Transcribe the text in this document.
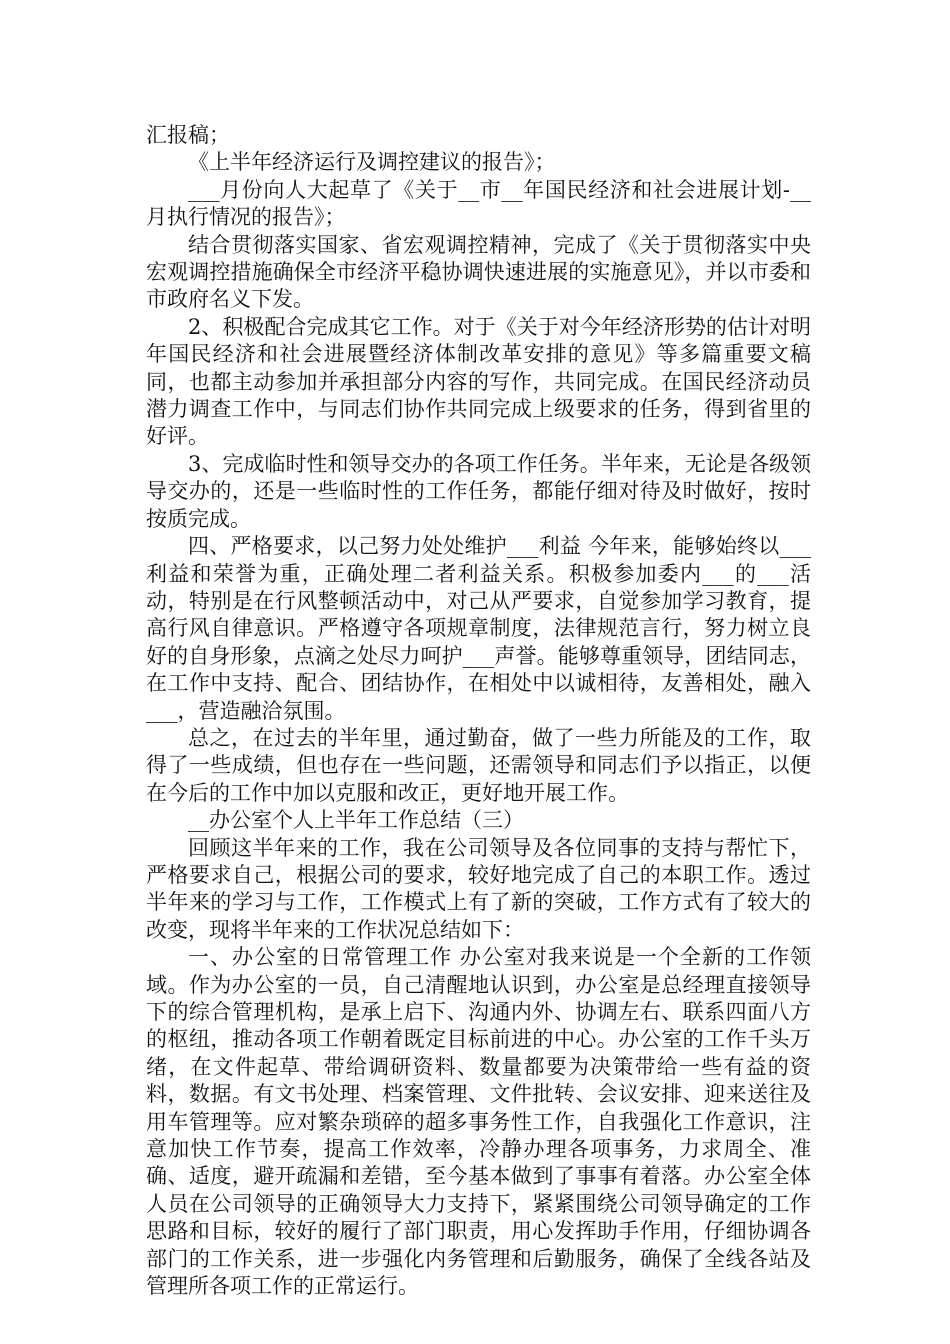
汇报稿；

《上半年经济运行及调控建议的报告》；

___月份向人大起草了《关于__市__年国民经济和社会进展计划-__月执行情况的报告》；

结合贯彻落实国家、省宏观调控精神，完成了《关于贯彻落实中央宏观调控措施确保全市经济平稳协调快速进展的实施意见》，并以市委和市政府名义下发。

2、积极配合完成其它工作。对于《关于对今年经济形势的估计对明年国民经济和社会进展暨经济体制改革安排的意见》等多篇重要文稿同，也都主动参加并承担部分内容的写作，共同完成。在国民经济动员潜力调查工作中，与同志们协作共同完成上级要求的任务，得到省里的好评。

3、完成临时性和领导交办的各项工作任务。半年来，无论是各级领导交办的，还是一些临时性的工作任务，都能仔细对待及时做好，按时按质完成。

四、严格要求，以己努力处处维护___利益 今年来，能够始终以___利益和荣誉为重，正确处理二者利益关系。积极参加委内___的___活动，特别是在行风整顿活动中，对己从严要求，自觉参加学习教育，提高行风自律意识。严格遵守各项规章制度，法律规范言行，努力树立良好的自身形象，点滴之处尽力呵护___声誉。能够尊重领导，团结同志，在工作中支持、配合、团结协作，在相处中以诚相待，友善相处，融入___，营造融洽氛围。

总之，在过去的半年里，通过勤奋，做了一些力所能及的工作，取得了一些成绩，但也存在一些问题，还需领导和同志们予以指正，以便在今后的工作中加以克服和改正，更好地开展工作。

__办公室个人上半年工作总结（三）

回顾这半年来的工作，我在公司领导及各位同事的支持与帮忙下，严格要求自己，根据公司的要求，较好地完成了自己的本职工作。透过半年来的学习与工作，工作模式上有了新的突破，工作方式有了较大的改变，现将半年来的工作状况总结如下：

一、办公室的日常管理工作 办公室对我来说是一个全新的工作领域。作为办公室的一员，自己清醒地认识到，办公室是总经理直接领导下的综合管理机构，是承上启下、沟通内外、协调左右、联系四面八方的枢纽，推动各项工作朝着既定目标前进的中心。办公室的工作千头万绪，在文件起草、带给调研资料、数量都要为决策带给一些有益的资料，数据。有文书处理、档案管理、文件批转、会议安排、迎来送往及用车管理等。应对繁杂琐碎的超多事务性工作，自我强化工作意识，注意加快工作节奏，提高工作效率，冷静办理各项事务，力求周全、准确、适度，避开疏漏和差错，至今基本做到了事事有着落。办公室全体人员在公司领导的正确领导大力支持下，紧紧围绕公司领导确定的工作思路和目标，较好的履行了部门职责，用心发挥助手作用，仔细协调各部门的工作关系，进一步强化内务管理和后勤服务，确保了全线各站及管理所各项工作的正常运行。
